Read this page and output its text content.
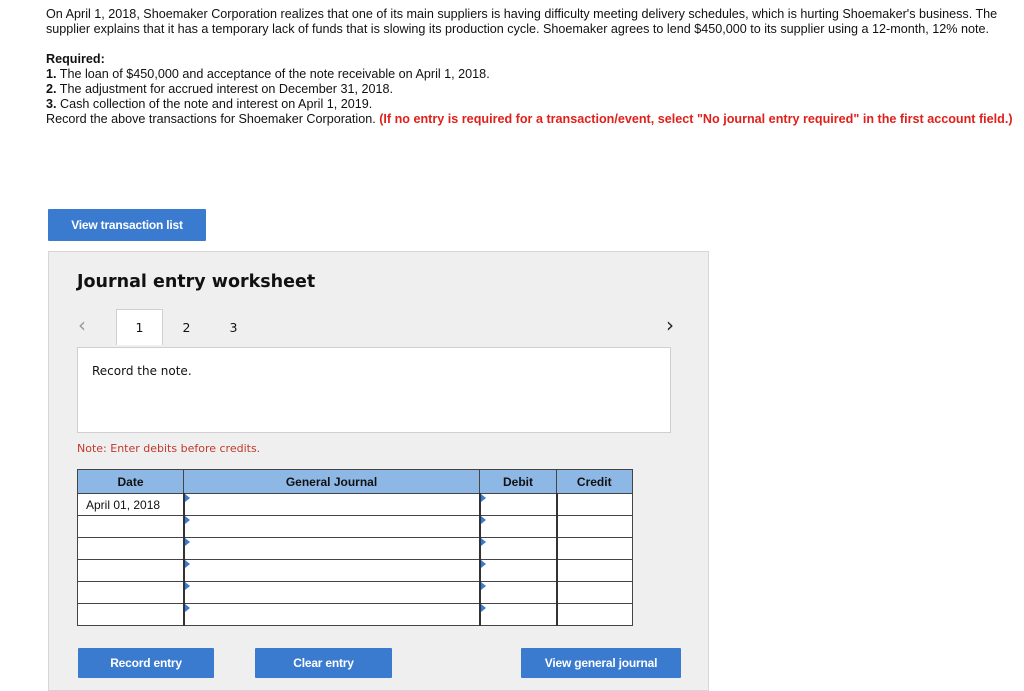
On April 1, 2018, Shoemaker Corporation realizes that one of its main suppliers is having difficulty meeting delivery schedules, which is hurting Shoemaker's business. The supplier explains that it has a temporary lack of funds that is slowing its production cycle. Shoemaker agrees to lend $450,000 to its supplier using a 12-month, 12% note.

Required:
1. The loan of $450,000 and acceptance of the note receivable on April 1, 2018.
2. The adjustment for accrued interest on December 31, 2018.
3. Cash collection of the note and interest on April 1, 2019.

Record the above transactions for Shoemaker Corporation. (If no entry is required for a transaction/event, select "No journal entry required" in the first account field.)

View transaction list
Journal entry worksheet
‹	1	2	3	›
Record the note.
Note: Enter debits before credits.
Date	General Journal	Debit	Credit
April 01, 2018	

Record entry	Clear entry	View general journal
